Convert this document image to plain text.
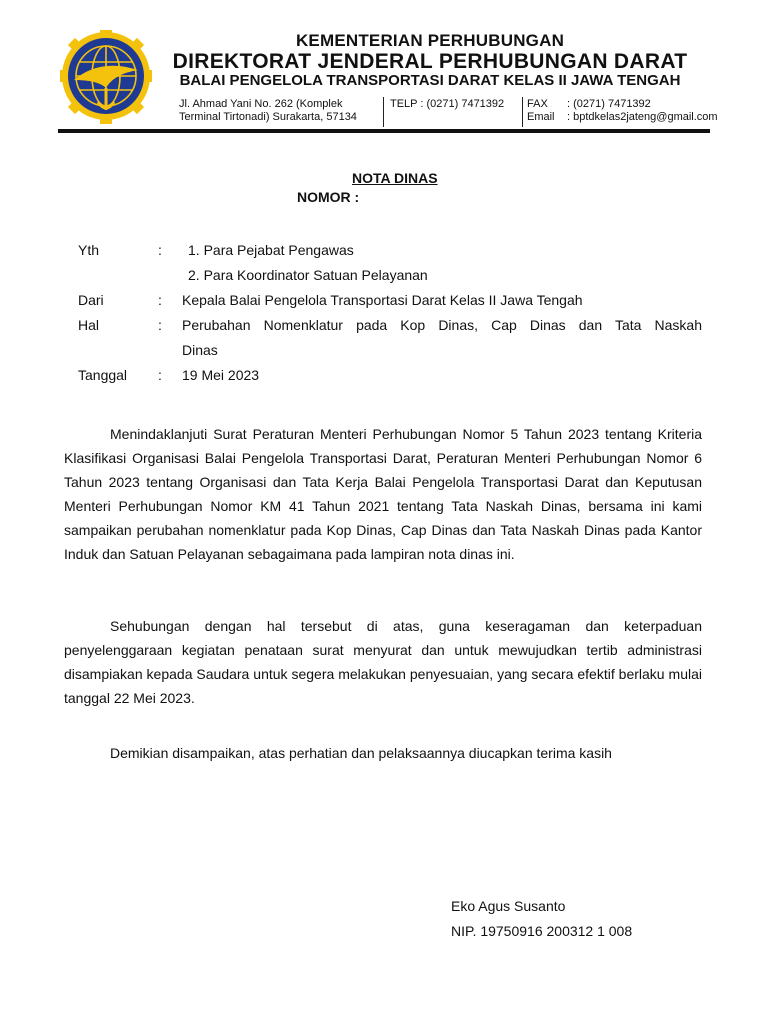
KEMENTERIAN PERHUBUNGAN
DIREKTORAT JENDERAL PERHUBUNGAN DARAT
BALAI PENGELOLA TRANSPORTASI DARAT KELAS II JAWA TENGAH
Jl. Ahmad Yani No. 262 (Komplek
Terminal Tirtonadi) Surakarta, 57134
TELP : (0271) 7471392	FAX : (0271) 7471392
Email : bptdkelas2jateng@gmail.com
NOTA DINAS
NOMOR :
Yth	: 1. Para Pejabat Pengawas
2. Para Koordinator Satuan Pelayanan
Dari	: Kepala Balai Pengelola Transportasi Darat Kelas II Jawa Tengah
Hal	: Perubahan Nomenklatur pada Kop Dinas, Cap Dinas dan Tata Naskah
Dinas
Tanggal : 19 Mei 2023
Menindaklanjuti Surat Peraturan Menteri Perhubungan Nomor 5 Tahun 2023 tentang Kriteria Klasifikasi Organisasi Balai Pengelola Transportasi Darat, Peraturan Menteri Perhubungan Nomor 6 Tahun 2023 tentang Organisasi dan Tata Kerja Balai Pengelola Transportasi Darat dan Keputusan Menteri Perhubungan Nomor KM 41 Tahun 2021 tentang Tata Naskah Dinas, bersama ini kami sampaikan perubahan nomenklatur pada Kop Dinas, Cap Dinas dan Tata Naskah Dinas pada Kantor Induk dan Satuan Pelayanan sebagaimana pada lampiran nota dinas ini.
Sehubungan dengan hal tersebut di atas, guna keseragaman dan keterpaduan penyelenggaraan kegiatan penataan surat menyurat dan untuk mewujudkan tertib administrasi disampiakan kepada Saudara untuk segera melakukan penyesuaian, yang secara efektif berlaku mulai tanggal 22 Mei 2023.
Demikian disampaikan, atas perhatian dan pelaksaannya diucapkan terima kasih
Eko Agus Susanto
NIP. 19750916 200312 1 008
